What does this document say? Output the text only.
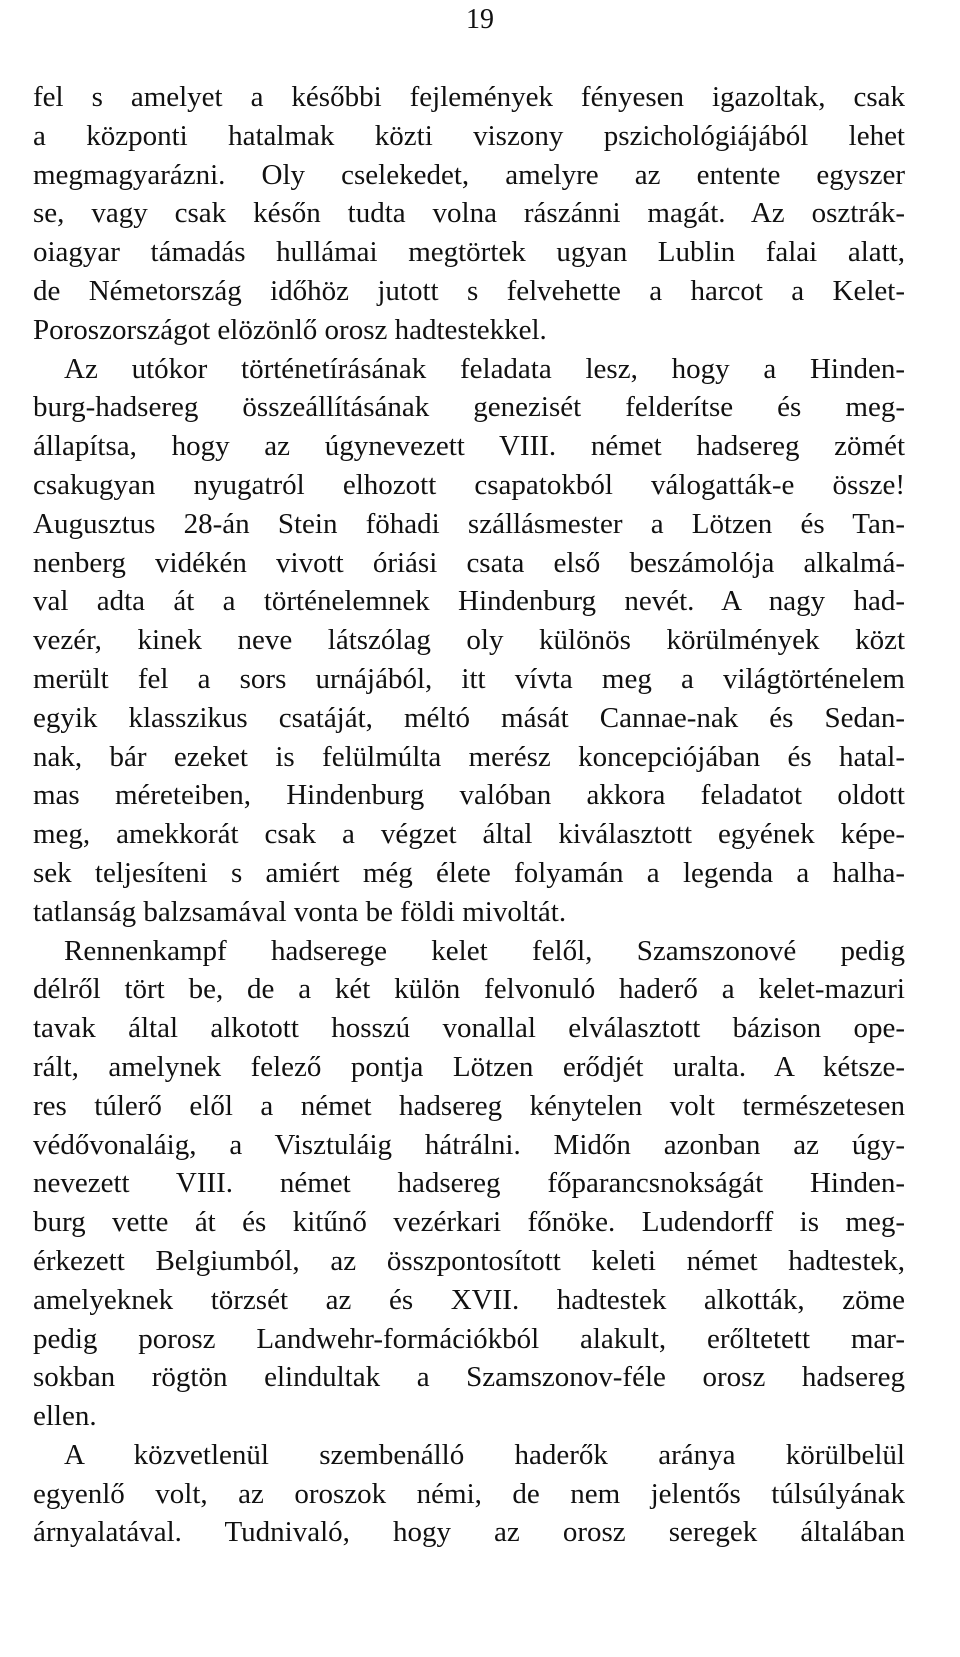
19
fel s amelyet a későbbi fejlemények fényesen igazoltak, csak
a központi hatalmak közti viszony pszichológiájából lehet
megmagyarázni. Oly cselekedet, amelyre az entente egyszer
se, vagy csak későn tudta volna rászánni magát. Az osztrák-
oiagyar támadás hullámai megtörtek ugyan Lublin falai alatt,
de Németország időhöz jutott s felvehette a harcot a Kelet-
Poroszországot elözönlő orosz hadtestekkel.
Az utókor történetírásának feladata lesz, hogy a Hinden-
burg-hadsereg összeállításának genezisét felderítse és meg-
állapítsa, hogy az úgynevezett VIII. német hadsereg zömét
csakugyan nyugatról elhozott csapatokból válogatták-e össze!
Augusztus 28-án Stein föhadi szállásmester a Lötzen és Tan-
nenberg vidékén vivott óriási csata első beszámolója alkalmá-
val adta át a történelemnek Hindenburg nevét. A nagy had-
vezér, kinek neve látszólag oly különös körülmények közt
merült fel a sors urnájából, itt vívta meg a világtörténelem
egyik klasszikus csatáját, méltó mását Cannae-nak és Sedan-
nak, bár ezeket is felülmúlta merész koncepciójában és hatal-
mas méreteiben, Hindenburg valóban akkora feladatot oldott
meg, amekkorát csak a végzet által kiválasztott egyének képe-
sek teljesíteni s amiért még élete folyamán a legenda a halha-
tatlanság balzsamával vonta be földi mivoltát.
Rennenkampf hadserege kelet felől, Szamszonové pedig
délről tört be, de a két külön felvonuló haderő a kelet-mazuri
tavak által alkotott hosszú vonallal elválasztott bázison ope-
rált, amelynek felező pontja Lötzen erődjét uralta. A kétsze-
res túlerő elől a német hadsereg kénytelen volt természetesen
védővonaláig, a Visztuláig hátrálni. Midőn azonban az úgy-
nevezett VIII. német hadsereg főparancsnokságát Hinden-
burg vette át és kitűnő vezérkari főnöke. Ludendorff is meg-
érkezett Belgiumból, az összpontosított keleti német hadtestek,
amelyeknek törzsét az és XVII. hadtestek alkották, zöme
pedig porosz Landwehr-formációkból alakult, erőltetett mar-
sokban rögtön elindultak a Szamszonov-féle orosz hadsereg
ellen.
A közvetlenül szembenálló haderők aránya körülbelül
egyenlő volt, az oroszok némi, de nem jelentős túlsúlyának
árnyalatával. Tudnivaló, hogy az orosz seregek általában
